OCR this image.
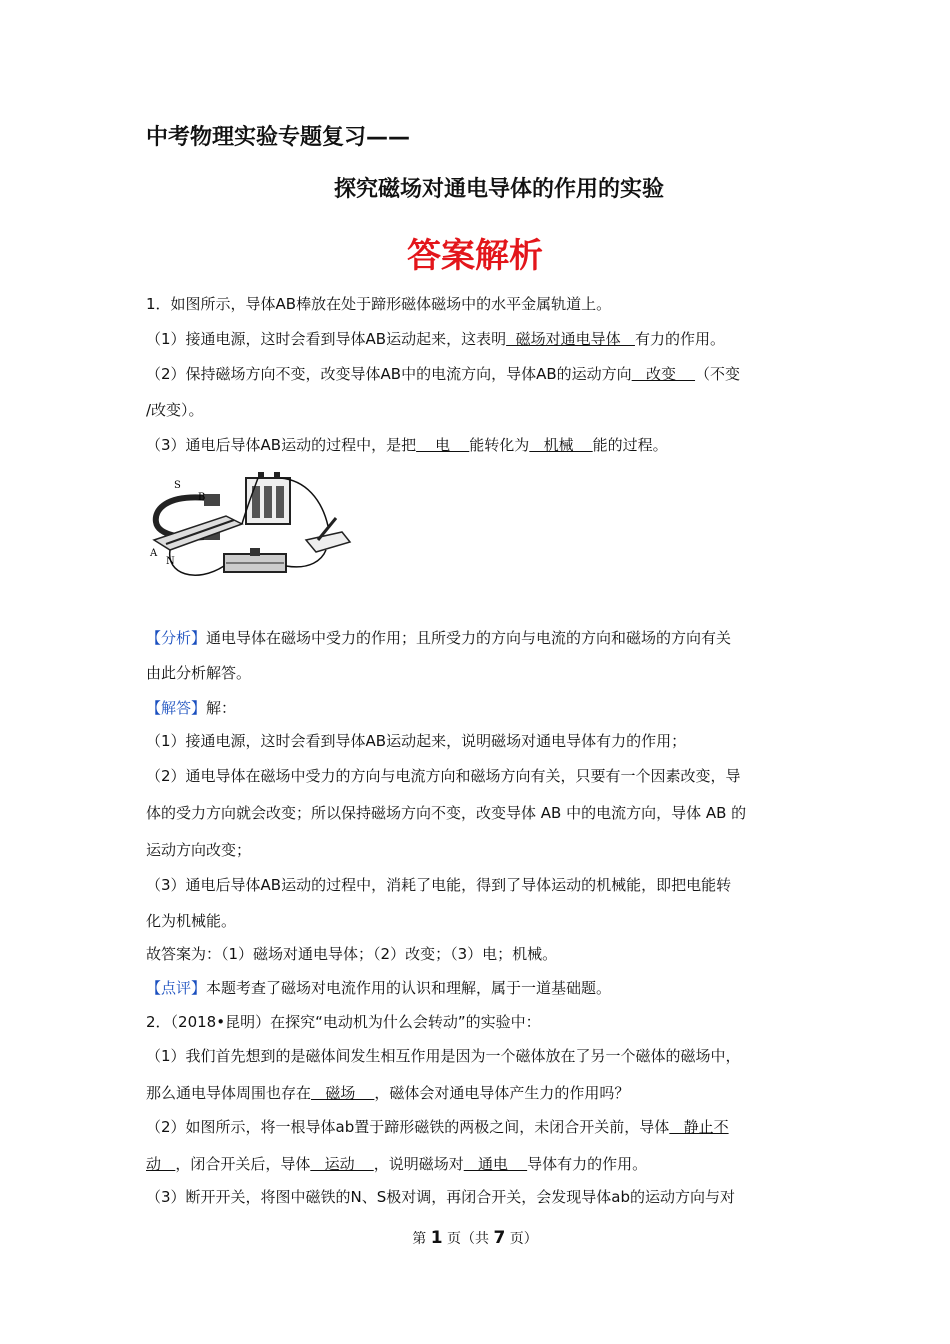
中考物理实验专题复习——
探究磁场对通电导体的作用的实验
答案解析
1．如图所示，导体AB棒放在处于蹄形磁体磁场中的水平金属轨道上。
（1）接通电源，这时会看到导体AB运动起来，这表明  磁场对通电导体   有力的作用。
（2）保持磁场方向不变，改变导体AB中的电流方向，导体AB的运动方向   改变    （不变
/改变）。
（3）通电后导体AB运动的过程中，是把    电    能转化为   机械    能的过程。
S
B
A
N
【分析】通电导体在磁场中受力的作用；且所受力的方向与电流的方向和磁场的方向有关
由此分析解答。
【解答】解：
（1）接通电源，这时会看到导体AB运动起来，说明磁场对通电导体有力的作用；
（2）通电导体在磁场中受力的方向与电流方向和磁场方向有关，只要有一个因素改变，导
体的受力方向就会改变；所以保持磁场方向不变，改变导体 AB 中的电流方向，导体 AB 的
运动方向改变；
（3）通电后导体AB运动的过程中，消耗了电能，得到了导体运动的机械能，即把电能转
化为机械能。
故答案为：（1）磁场对通电导体；（2）改变；（3）电；机械。
【点评】本题考查了磁场对电流作用的认识和理解，属于一道基础题。
2．（2018•昆明）在探究“电动机为什么会转动”的实验中：
（1）我们首先想到的是磁体间发生相互作用是因为一个磁体放在了另一个磁体的磁场中，
那么通电导体周围也存在   磁场    ，磁体会对通电导体产生力的作用吗？
（2）如图所示，将一根导体ab置于蹄形磁铁的两极之间，未闭合开关前，导体   静止不
动   ，闭合开关后，导体   运动    ，说明磁场对   通电    导体有力的作用。
（3）断开开关，将图中磁铁的N、S极对调，再闭合开关，会发现导体ab的运动方向与对
第 1 页（共 7 页）
